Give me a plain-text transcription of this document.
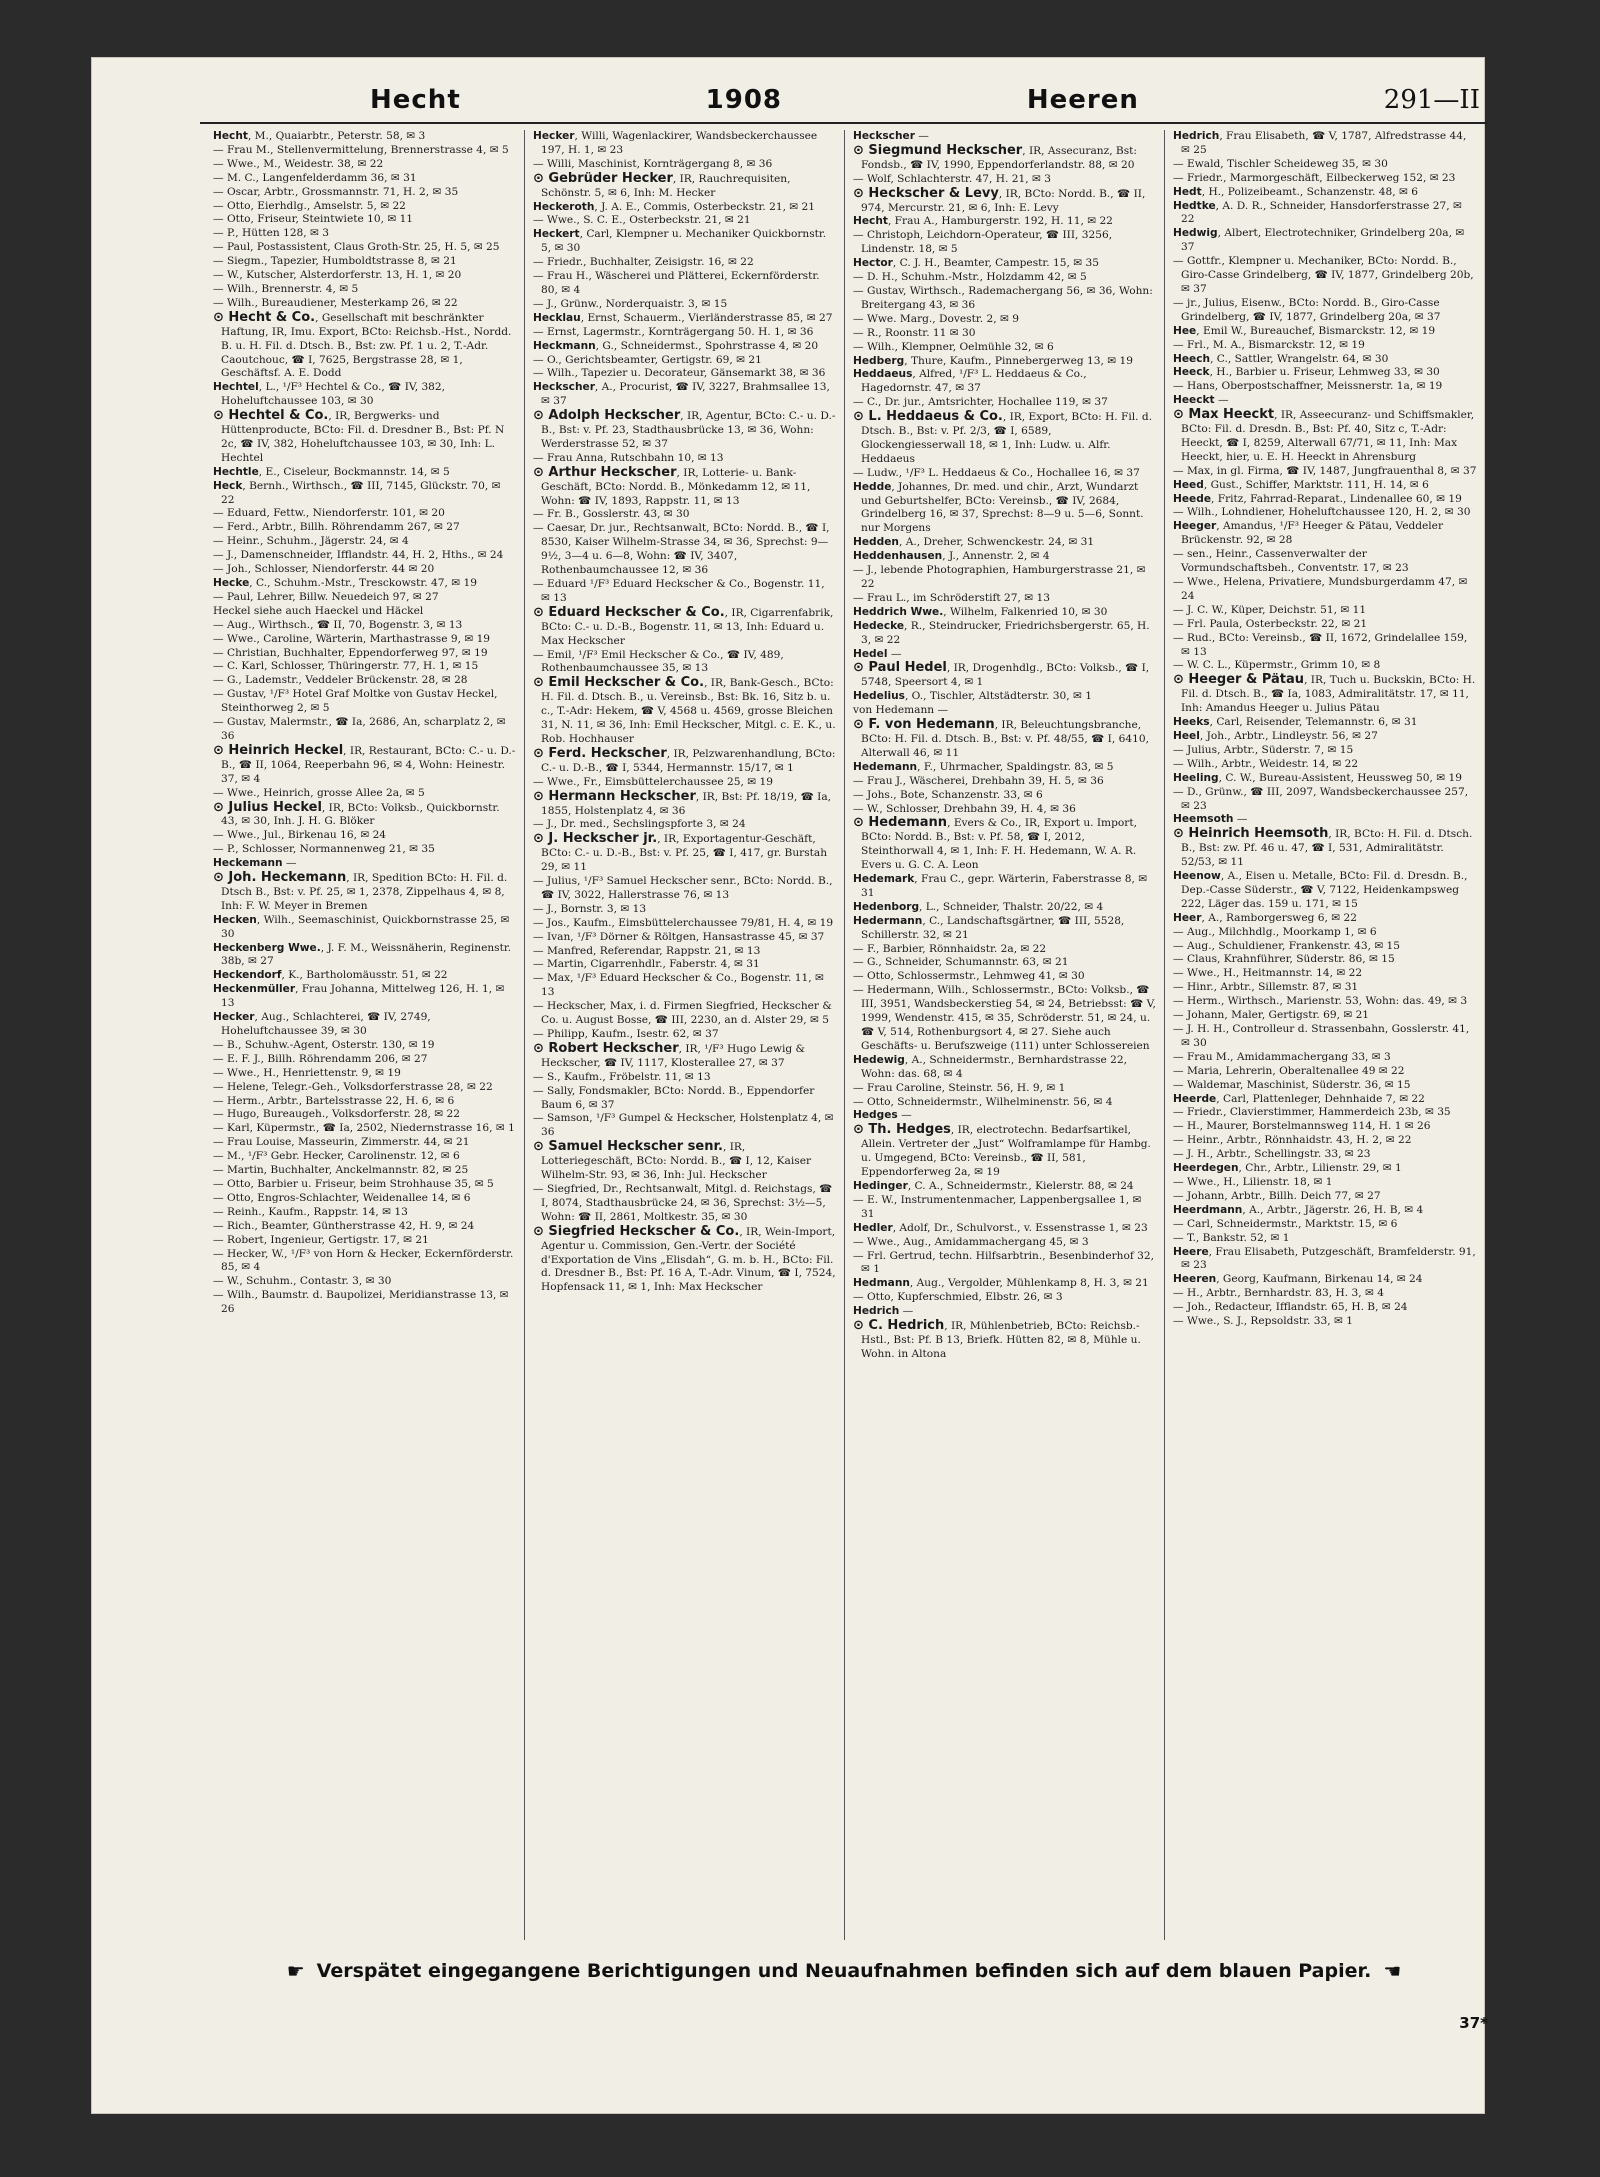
Hecht	1908	Heeren	291—II

Hecht, M., Quaiarbtr., Peterstr. 58, ✉ 3

— Frau M., Stellenvermittelung, Brennerstrasse 4, ✉ 5

— Wwe., M., Weidestr. 38, ✉ 22

— M. C., Langenfelderdamm 36, ✉ 31

— Oscar, Arbtr., Grossmannstr. 71, H. 2, ✉ 35

— Otto, Eierhdlg., Amselstr. 5, ✉ 22

— Otto, Friseur, Steintwiete 10, ✉ 11

— P., Hütten 128, ✉ 3

— Paul, Postassistent, Claus Groth-Str. 25, H. 5, ✉ 25

— Siegm., Tapezier, Humboldtstrasse 8, ✉ 21

— W., Kutscher, Alsterdorferstr. 13, H. 1, ✉ 20

— Wilh., Brennerstr. 4, ✉ 5

— Wilh., Bureaudiener, Mesterkamp 26, ✉ 22

⊙ Hecht & Co., Gesellschaft mit beschränkter Haftung, IR, Imu. Export, BCto: Reichsb.-Hst., Nordd. B. u. H. Fil. d. Dtsch. B., Bst: zw. Pf. 1 u. 2, T.-Adr. Caoutchouc, ☎ I, 7625, Bergstrasse 28, ✉ 1, Geschäftsf. A. E. Dodd

Hechtel, L., ¹/F³ Hechtel & Co., ☎ IV, 382, Hoheluftchaussee 103, ✉ 30

⊙ Hechtel & Co., IR, Bergwerks- und Hüttenproducte, BCto: Fil. d. Dresdner B., Bst: Pf. N 2c, ☎ IV, 382, Hoheluftchaussee 103, ✉ 30, Inh: L. Hechtel

Hechtle, E., Ciseleur, Bockmannstr. 14, ✉ 5

Heck, Bernh., Wirthsch., ☎ III, 7145, Glückstr. 70, ✉ 22

— Eduard, Fettw., Niendorferstr. 101, ✉ 20

— Ferd., Arbtr., Billh. Röhrendamm 267, ✉ 27

— Heinr., Schuhm., Jägerstr. 24, ✉ 4

— J., Damenschneider, Ifflandstr. 44, H. 2, Hths., ✉ 24

— Joh., Schlosser, Niendorferstr. 44 ✉ 20

Hecke, C., Schuhm.-Mstr., Tresckowstr. 47, ✉ 19

— Paul, Lehrer, Billw. Neuedeich 97, ✉ 27

Heckel siehe auch Haeckel und Häckel

— Aug., Wirthsch., ☎ II, 70, Bogenstr. 3, ✉ 13

— Wwe., Caroline, Wärterin, Marthastrasse 9, ✉ 19

— Christian, Buchhalter, Eppendorferweg 97, ✉ 19

— C. Karl, Schlosser, Thüringerstr. 77, H. 1, ✉ 15

— G., Lademstr., Veddeler Brückenstr. 28, ✉ 28

— Gustav, ¹/F³ Hotel Graf Moltke von Gustav Heckel, Steinthorweg 2, ✉ 5

— Gustav, Malermstr., ☎ Ia, 2686, An, scharplatz 2, ✉ 36

⊙ Heinrich Heckel, IR, Restaurant, BCto: C.- u. D.-B., ☎ II, 1064, Reeperbahn 96, ✉ 4, Wohn: Heinestr. 37, ✉ 4

— Wwe., Heinrich, grosse Allee 2a, ✉ 5

⊙ Julius Heckel, IR, BCto: Volksb., Quickbornstr. 43, ✉ 30, Inh. J. H. G. Blöker

— Wwe., Jul., Birkenau 16, ✉ 24

— P., Schlosser, Normannenweg 21, ✉ 35

Heckemann —

⊙ Joh. Heckemann, IR, Spedition BCto: H. Fil. d. Dtsch B., Bst: v. Pf. 25, ✉ 1, 2378, Zippelhaus 4, ✉ 8, Inh: F. W. Meyer in Bremen

Hecken, Wilh., Seemaschinist, Quickbornstrasse 25, ✉ 30

Heckenberg Wwe., J. F. M., Weissnäherin, Reginenstr. 38b, ✉ 27

Heckendorf, K., Bartholomäusstr. 51, ✉ 22

Heckenmüller, Frau Johanna, Mittelweg 126, H. 1, ✉ 13

Hecker, Aug., Schlachterei, ☎ IV, 2749, Hoheluftchaussee 39, ✉ 30

— B., Schuhw.-Agent, Osterstr. 130, ✉ 19

— E. F. J., Billh. Röhrendamm 206, ✉ 27

— Wwe., H., Henriettenstr. 9, ✉ 19

— Helene, Telegr.-Geh., Volksdorferstrasse 28, ✉ 22

— Herm., Arbtr., Bartelsstrasse 22, H. 6, ✉ 6

— Hugo, Bureaugeh., Volksdorferstr. 28, ✉ 22

— Karl, Küpermstr., ☎ Ia, 2502, Niedernstrasse 16, ✉ 1

— Frau Louise, Masseurin, Zimmerstr. 44, ✉ 21

— M., ¹/F³ Gebr. Hecker, Carolinenstr. 12, ✉ 6

— Martin, Buchhalter, Anckelmannstr. 82, ✉ 25

— Otto, Barbier u. Friseur, beim Strohhause 35, ✉ 5

— Otto, Engros-Schlachter, Weidenallee 14, ✉ 6

— Reinh., Kaufm., Rappstr. 14, ✉ 13

— Rich., Beamter, Güntherstrasse 42, H. 9, ✉ 24

— Robert, Ingenieur, Gertigstr. 17, ✉ 21

— Hecker, W., ¹/F³ von Horn & Hecker, Eckernförderstr. 85, ✉ 4

— W., Schuhm., Contastr. 3, ✉ 30

— Wilh., Baumstr. d. Baupolizei, Meridianstrasse 13, ✉ 26

Hecker, Willi, Wagenlackirer, Wandsbeckerchaussee 197, H. 1, ✉ 23

— Willi, Maschinist, Kornträgergang 8, ✉ 36

⊙ Gebrüder Hecker, IR, Rauchrequisiten, Schönstr. 5, ✉ 6, Inh: M. Hecker

Heckeroth, J. A. E., Commis, Osterbeckstr. 21, ✉ 21

— Wwe., S. C. E., Osterbeckstr. 21, ✉ 21

Heckert, Carl, Klempner u. Mechaniker Quickbornstr. 5, ✉ 30

— Friedr., Buchhalter, Zeisigstr. 16, ✉ 22

— Frau H., Wäscherei und Plätterei, Eckernförderstr. 80, ✉ 4

— J., Grünw., Norderquaistr. 3, ✉ 15

Hecklau, Ernst, Schauerm., Vierländerstrasse 85, ✉ 27

— Ernst, Lagermstr., Kornträgergang 50. H. 1, ✉ 36

Heckmann, G., Schneidermst., Spohrstrasse 4, ✉ 20

— O., Gerichtsbeamter, Gertigstr. 69, ✉ 21

— Wilh., Tapezier u. Decorateur, Gänsemarkt 38, ✉ 36

Heckscher, A., Procurist, ☎ IV, 3227, Brahmsallee 13, ✉ 37

⊙ Adolph Heckscher, IR, Agentur, BCto: C.- u. D.-B., Bst: v. Pf. 23, Stadthausbrücke 13, ✉ 36, Wohn: Werderstrasse 52, ✉ 37

— Frau Anna, Rutschbahn 10, ✉ 13

⊙ Arthur Heckscher, IR, Lotterie- u. Bank-Geschäft, BCto: Nordd. B., Mönkedamm 12, ✉ 11, Wohn: ☎ IV, 1893, Rappstr. 11, ✉ 13

— Fr. B., Gosslerstr. 43, ✉ 30

— Caesar, Dr. jur., Rechtsanwalt, BCto: Nordd. B., ☎ I, 8530, Kaiser Wilhelm-Strasse 34, ✉ 36, Sprechst: 9—9½, 3—4 u. 6—8, Wohn: ☎ IV, 3407, Rothenbaumchaussee 12, ✉ 36

— Eduard ¹/F³ Eduard Heckscher & Co., Bogenstr. 11, ✉ 13

⊙ Eduard Heckscher & Co., IR, Cigarrenfabrik, BCto: C.- u. D.-B., Bogenstr. 11, ✉ 13, Inh: Eduard u. Max Heckscher

— Emil, ¹/F³ Emil Heckscher & Co., ☎ IV, 489, Rothenbaumchaussee 35, ✉ 13

⊙ Emil Heckscher & Co., IR, Bank-Gesch., BCto: H. Fil. d. Dtsch. B., u. Vereinsb., Bst: Bk. 16, Sitz b. u. c., T.-Adr: Hekem, ☎ V, 4568 u. 4569, grosse Bleichen 31, N. 11, ✉ 36, Inh: Emil Heckscher, Mitgl. c. E. K., u. Rob. Hochhauser

⊙ Ferd. Heckscher, IR, Pelzwarenhandlung, BCto: C.- u. D.-B., ☎ I, 5344, Hermannstr. 15/17, ✉ 1

— Wwe., Fr., Eimsbüttelerchaussee 25, ✉ 19

⊙ Hermann Heckscher, IR, Bst: Pf. 18/19, ☎ Ia, 1855, Holstenplatz 4, ✉ 36

— J., Dr. med., Sechslingspforte 3, ✉ 24

⊙ J. Heckscher jr., IR, Exportagentur-Geschäft, BCto: C.- u. D.-B., Bst: v. Pf. 25, ☎ I, 417, gr. Burstah 29, ✉ 11

— Julius, ¹/F³ Samuel Heckscher senr., BCto: Nordd. B., ☎ IV, 3022, Hallerstrasse 76, ✉ 13

— J., Bornstr. 3, ✉ 13

— Jos., Kaufm., Eimsbüttelerchaussee 79/81, H. 4, ✉ 19

— Ivan, ¹/F³ Dörner & Röltgen, Hansastrasse 45, ✉ 37

— Manfred, Referendar, Rappstr. 21, ✉ 13

— Martin, Cigarrenhdlr., Faberstr. 4, ✉ 31

— Max, ¹/F³ Eduard Heckscher & Co., Bogenstr. 11, ✉ 13

— Heckscher, Max, i. d. Firmen Siegfried, Heckscher & Co. u. August Bosse, ☎ III, 2230, an d. Alster 29, ✉ 5

— Philipp, Kaufm., Isestr. 62, ✉ 37

⊙ Robert Heckscher, IR, ¹/F³ Hugo Lewig & Heckscher, ☎ IV, 1117, Klosterallee 27, ✉ 37

— S., Kaufm., Fröbelstr. 11, ✉ 13

— Sally, Fondsmakler, BCto: Nordd. B., Eppendorfer Baum 6, ✉ 37

— Samson, ¹/F³ Gumpel & Heckscher, Holstenplatz 4, ✉ 36

⊙ Samuel Heckscher senr., IR, Lotteriegeschäft, BCto: Nordd. B., ☎ I, 12, Kaiser Wilhelm-Str. 93, ✉ 36, Inh: Jul. Heckscher

— Siegfried, Dr., Rechtsanwalt, Mitgl. d. Reichstags, ☎ I, 8074, Stadthausbrücke 24, ✉ 36, Sprechst: 3½—5, Wohn: ☎ II, 2861, Moltkestr. 35, ✉ 30

⊙ Siegfried Heckscher & Co., IR, Wein-Import, Agentur u. Commission, Gen.-Vertr. der Société d'Exportation de Vins „Elisdah“, G. m. b. H., BCto: Fil. d. Dresdner B., Bst: Pf. 16 A, T.-Adr. Vinum, ☎ I, 7524, Hopfensack 11, ✉ 1, Inh: Max Heckscher

Heckscher —

⊙ Siegmund Heckscher, IR, Assecuranz, Bst: Fondsb., ☎ IV, 1990, Eppendorferlandstr. 88, ✉ 20

— Wolf, Schlachterstr. 47, H. 21, ✉ 3

⊙ Heckscher & Levy, IR, BCto: Nordd. B., ☎ II, 974, Mercurstr. 21, ✉ 6, Inh: E. Levy

Hecht, Frau A., Hamburgerstr. 192, H. 11, ✉ 22

— Christoph, Leichdorn-Operateur, ☎ III, 3256, Lindenstr. 18, ✉ 5

Hector, C. J. H., Beamter, Campestr. 15, ✉ 35

— D. H., Schuhm.-Mstr., Holzdamm 42, ✉ 5

— Gustav, Wirthsch., Rademachergang 56, ✉ 36, Wohn: Breitergang 43, ✉ 36

— Wwe. Marg., Dovestr. 2, ✉ 9

— R., Roonstr. 11 ✉ 30

— Wilh., Klempner, Oelmühle 32, ✉ 6

Hedberg, Thure, Kaufm., Pinnebergerweg 13, ✉ 19

Heddaeus, Alfred, ¹/F³ L. Heddaeus & Co., Hagedornstr. 47, ✉ 37

— C., Dr. jur., Amtsrichter, Hochallee 119, ✉ 37

⊙ L. Heddaeus & Co., IR, Export, BCto: H. Fil. d. Dtsch. B., Bst: v. Pf. 2/3, ☎ I, 6589, Glockengiesserwall 18, ✉ 1, Inh: Ludw. u. Alfr. Heddaeus

— Ludw., ¹/F³ L. Heddaeus & Co., Hochallee 16, ✉ 37

Hedde, Johannes, Dr. med. und chir., Arzt, Wundarzt und Geburtshelfer, BCto: Vereinsb., ☎ IV, 2684, Grindelberg 16, ✉ 37, Sprechst: 8—9 u. 5—6, Sonnt. nur Morgens

Hedden, A., Dreher, Schwenckestr. 24, ✉ 31

Heddenhausen, J., Annenstr. 2, ✉ 4

— J., lebende Photographien, Hamburgerstrasse 21, ✉ 22

— Frau L., im Schröderstift 27, ✉ 13

Heddrich Wwe., Wilhelm, Falkenried 10, ✉ 30

Hedecke, R., Steindrucker, Friedrichsbergerstr. 65, H. 3, ✉ 22

Hedel —

⊙ Paul Hedel, IR, Drogenhdlg., BCto: Volksb., ☎ I, 5748, Speersort 4, ✉ 1

Hedelius, O., Tischler, Altstädterstr. 30, ✉ 1

von Hedemann —

⊙ F. von Hedemann, IR, Beleuchtungsbranche, BCto: H. Fil. d. Dtsch. B., Bst: v. Pf. 48/55, ☎ I, 6410, Alterwall 46, ✉ 11

Hedemann, F., Uhrmacher, Spaldingstr. 83, ✉ 5

— Frau J., Wäscherei, Drehbahn 39, H. 5, ✉ 36

— Johs., Bote, Schanzenstr. 33, ✉ 6

— W., Schlosser, Drehbahn 39, H. 4, ✉ 36

⊙ Hedemann, Evers & Co., IR, Export u. Import, BCto: Nordd. B., Bst: v. Pf. 58, ☎ I, 2012, Steinthorwall 4, ✉ 1, Inh: F. H. Hedemann, W. A. R. Evers u. G. C. A. Leon

Hedemark, Frau C., gepr. Wärterin, Faberstrasse 8, ✉ 31

Hedenborg, L., Schneider, Thalstr. 20/22, ✉ 4

Hedermann, C., Landschaftsgärtner, ☎ III, 5528, Schillerstr. 32, ✉ 21

— F., Barbier, Rönnhaidstr. 2a, ✉ 22

— G., Schneider, Schumannstr. 63, ✉ 21

— Otto, Schlossermstr., Lehmweg 41, ✉ 30

— Hedermann, Wilh., Schlossermstr., BCto: Volksb., ☎ III, 3951, Wandsbeckerstieg 54, ✉ 24, Betriebsst: ☎ V, 1999, Wendenstr. 415, ✉ 35, Schröderstr. 51, ✉ 24, u. ☎ V, 514, Rothenburgsort 4, ✉ 27. Siehe auch Geschäfts- u. Berufszweige (111) unter Schlossereien

Hedewig, A., Schneidermstr., Bernhardstrasse 22, Wohn: das. 68, ✉ 4

— Frau Caroline, Steinstr. 56, H. 9, ✉ 1

— Otto, Schneidermstr., Wilhelminenstr. 56, ✉ 4

Hedges —

⊙ Th. Hedges, IR, electrotechn. Bedarfsartikel, Allein. Vertreter der „Just“ Wolframlampe für Hambg. u. Umgegend, BCto: Vereinsb., ☎ II, 581, Eppendorferweg 2a, ✉ 19

Hedinger, C. A., Schneidermstr., Kielerstr. 88, ✉ 24

— E. W., Instrumentenmacher, Lappenbergsallee 1, ✉ 31

Hedler, Adolf, Dr., Schulvorst., v. Essenstrasse 1, ✉ 23

— Wwe., Aug., Amidammachergang 45, ✉ 3

— Frl. Gertrud, techn. Hilfsarbtrin., Besenbinderhof 32, ✉ 1

Hedmann, Aug., Vergolder, Mühlenkamp 8, H. 3, ✉ 21

— Otto, Kupferschmied, Elbstr. 26, ✉ 3

Hedrich —

⊙ C. Hedrich, IR, Mühlenbetrieb, BCto: Reichsb.-Hstl., Bst: Pf. B 13, Briefk. Hütten 82, ✉ 8, Mühle u. Wohn. in Altona

Hedrich, Frau Elisabeth, ☎ V, 1787, Alfredstrasse 44, ✉ 25

— Ewald, Tischler Scheideweg 35, ✉ 30

— Friedr., Marmorgeschäft, Eilbeckerweg 152, ✉ 23

Hedt, H., Polizeibeamt., Schanzenstr. 48, ✉ 6

Hedtke, A. D. R., Schneider, Hansdorferstrasse 27, ✉ 22

Hedwig, Albert, Electrotechniker, Grindelberg 20a, ✉ 37

— Gottfr., Klempner u. Mechaniker, BCto: Nordd. B., Giro-Casse Grindelberg, ☎ IV, 1877, Grindelberg 20b, ✉ 37

— jr., Julius, Eisenw., BCto: Nordd. B., Giro-Casse Grindelberg, ☎ IV, 1877, Grindelberg 20a, ✉ 37

Hee, Emil W., Bureauchef, Bismarckstr. 12, ✉ 19

— Frl., M. A., Bismarckstr. 12, ✉ 19

Heech, C., Sattler, Wrangelstr. 64, ✉ 30

Heeck, H., Barbier u. Friseur, Lehmweg 33, ✉ 30

— Hans, Oberpostschaffner, Meissnerstr. 1a, ✉ 19

Heeckt —

⊙ Max Heeckt, IR, Asseecuranz- und Schiffsmakler, BCto: Fil. d. Dresdn. B., Bst: Pf. 40, Sitz c, T.-Adr: Heeckt, ☎ I, 8259, Alterwall 67/71, ✉ 11, Inh: Max Heeckt, hier, u. E. H. Heeckt in Ahrensburg

— Max, in gl. Firma, ☎ IV, 1487, Jungfrauenthal 8, ✉ 37

Heed, Gust., Schiffer, Marktstr. 111, H. 14, ✉ 6

Heede, Fritz, Fahrrad-Reparat., Lindenallee 60, ✉ 19

— Wilh., Lohndiener, Hoheluftchaussee 120, H. 2, ✉ 30

Heeger, Amandus, ¹/F³ Heeger & Pätau, Veddeler Brückenstr. 92, ✉ 28

— sen., Heinr., Cassenverwalter der Vormundschaftsbeh., Conventstr. 17, ✉ 23

— Wwe., Helena, Privatiere, Mundsburgerdamm 47, ✉ 24

— J. C. W., Küper, Deichstr. 51, ✉ 11

— Frl. Paula, Osterbeckstr. 22, ✉ 21

— Rud., BCto: Vereinsb., ☎ II, 1672, Grindelallee 159, ✉ 13

— W. C. L., Küpermstr., Grimm 10, ✉ 8

⊙ Heeger & Pätau, IR, Tuch u. Buckskin, BCto: H. Fil. d. Dtsch. B., ☎ Ia, 1083, Admiralitätstr. 17, ✉ 11, Inh: Amandus Heeger u. Julius Pätau

Heeks, Carl, Reisender, Telemannstr. 6, ✉ 31

Heel, Joh., Arbtr., Lindleystr. 56, ✉ 27

— Julius, Arbtr., Süderstr. 7, ✉ 15

— Wilh., Arbtr., Weidestr. 14, ✉ 22

Heeling, C. W., Bureau-Assistent, Heussweg 50, ✉ 19

— D., Grünw., ☎ III, 2097, Wandsbeckerchaussee 257, ✉ 23

Heemsoth —

⊙ Heinrich Heemsoth, IR, BCto: H. Fil. d. Dtsch. B., Bst: zw. Pf. 46 u. 47, ☎ I, 531, Admiralitätstr. 52/53, ✉ 11

Heenow, A., Eisen u. Metalle, BCto: Fil. d. Dresdn. B., Dep.-Casse Süderstr., ☎ V, 7122, Heidenkampsweg 222, Läger das. 159 u. 171, ✉ 15

Heer, A., Ramborgersweg 6, ✉ 22

— Aug., Milchhdlg., Moorkamp 1, ✉ 6

— Aug., Schuldiener, Frankenstr. 43, ✉ 15

— Claus, Krahnführer, Süderstr. 86, ✉ 15

— Wwe., H., Heitmannstr. 14, ✉ 22

— Hinr., Arbtr., Sillemstr. 87, ✉ 31

— Herm., Wirthsch., Marienstr. 53, Wohn: das. 49, ✉ 3

— Johann, Maler, Gertigstr. 69, ✉ 21

— J. H. H., Controlleur d. Strassenbahn, Gosslerstr. 41, ✉ 30

— Frau M., Amidammachergang 33, ✉ 3

— Maria, Lehrerin, Oberaltenallee 49 ✉ 22

— Waldemar, Maschinist, Süderstr. 36, ✉ 15

Heerde, Carl, Plattenleger, Dehnhaide 7, ✉ 22

— Friedr., Clavierstimmer, Hammerdeich 23b, ✉ 35

— H., Maurer, Borstelmannsweg 114, H. 1 ✉ 26

— Heinr., Arbtr., Rönnhaidstr. 43, H. 2, ✉ 22

— J. H., Arbtr., Schellingstr. 33, ✉ 23

Heerdegen, Chr., Arbtr., Lilienstr. 29, ✉ 1

— Wwe., H., Lilienstr. 18, ✉ 1

— Johann, Arbtr., Billh. Deich 77, ✉ 27

Heerdmann, A., Arbtr., Jägerstr. 26, H. B, ✉ 4

— Carl, Schneidermstr., Marktstr. 15, ✉ 6

— T., Bankstr. 52, ✉ 1

Heere, Frau Elisabeth, Putzgeschäft, Bramfelderstr. 91, ✉ 23

Heeren, Georg, Kaufmann, Birkenau 14, ✉ 24

— H., Arbtr., Bernhardstr. 83, H. 3, ✉ 4

— Joh., Redacteur, Ifflandstr. 65, H. B, ✉ 24

— Wwe., S. J., Repsoldstr. 33, ✉ 1

☛ Verspätet eingegangene Berichtigungen und Neuaufnahmen befinden sich auf dem blauen Papier. ☚
37*
